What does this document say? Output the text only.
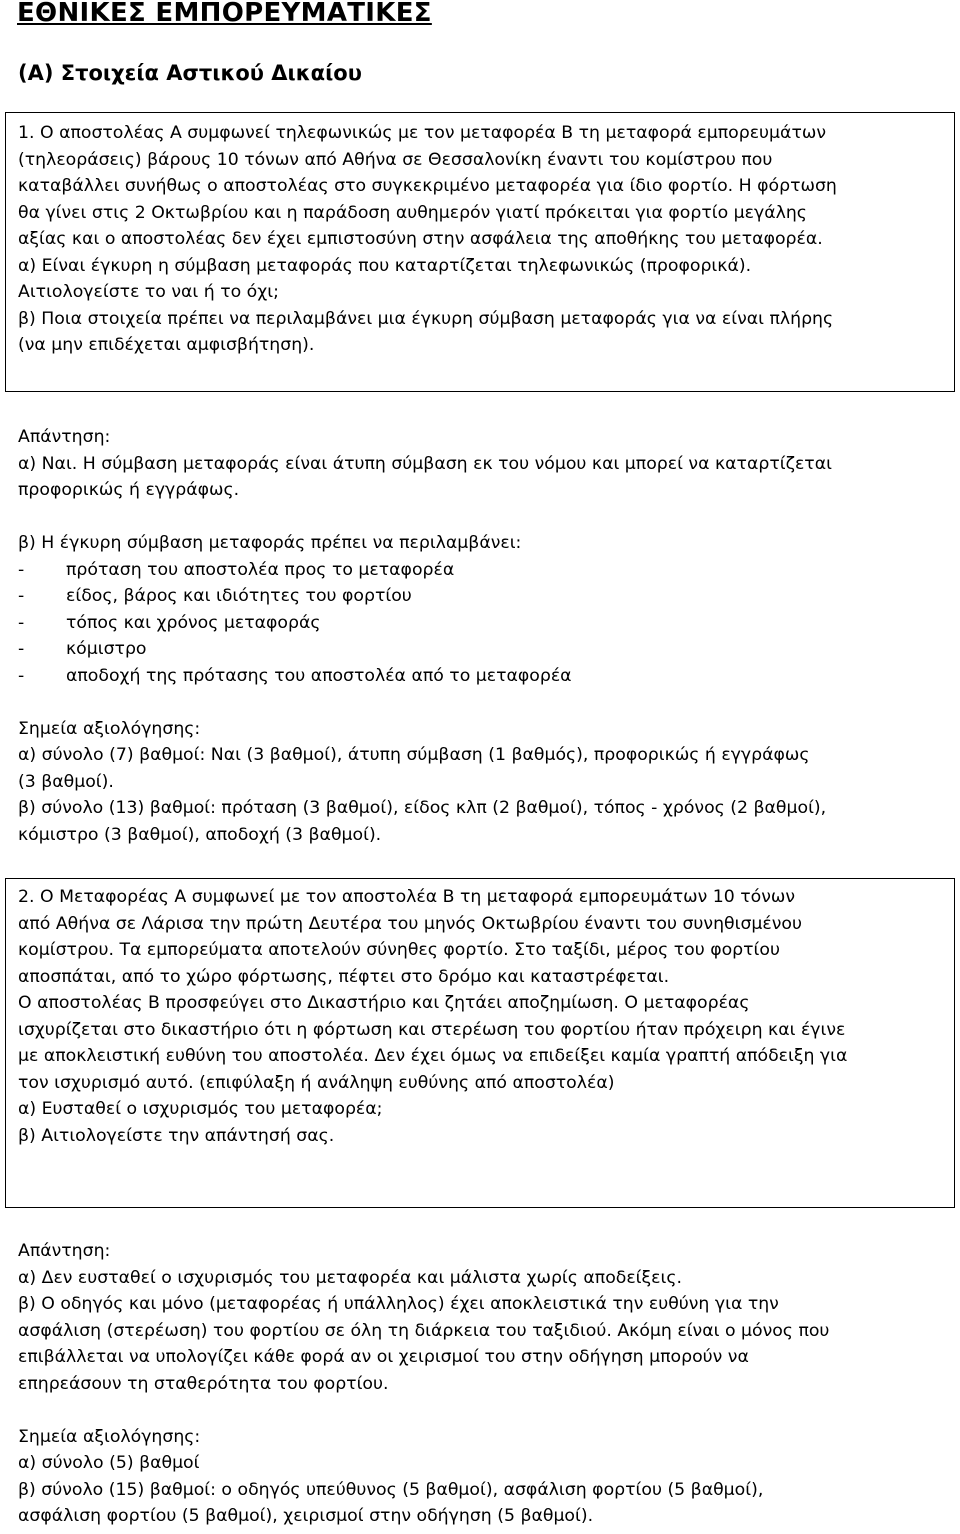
ΕΘΝΙΚΕΣ ΕΜΠΟΡΕΥΜΑΤΙΚΕΣ
(Α) Στοιχεία Αστικού Δικαίου

1. Ο αποστολέας Α συμφωνεί τηλεφωνικώς με τον μεταφορέα Β τη μεταφορά εμπορευμάτων

(τηλεοράσεις) βάρους 10 τόνων από Αθήνα σε Θεσσαλονίκη έναντι του κομίστρου που

καταβάλλει συνήθως ο αποστολέας στο συγκεκριμένο μεταφορέα για ίδιο φορτίο. Η φόρτωση

θα γίνει στις 2 Οκτωβρίου και η παράδοση αυθημερόν γιατί πρόκειται για φορτίο μεγάλης

αξίας και ο αποστολέας δεν έχει εμπιστοσύνη στην ασφάλεια της αποθήκης του μεταφορέα.

α) Είναι έγκυρη η σύμβαση μεταφοράς που καταρτίζεται τηλεφωνικώς (προφορικά).

Αιτιολογείστε το ναι ή το όχι;

β) Ποια στοιχεία πρέπει να περιλαμβάνει μια έγκυρη σύμβαση μεταφοράς για να είναι πλήρης

(να μην επιδέχεται αμφισβήτηση).

Απάντηση:

α) Ναι. Η σύμβαση μεταφοράς είναι άτυπη σύμβαση εκ του νόμου και μπορεί να καταρτίζεται

προφορικώς ή εγγράφως.

β) Η έγκυρη σύμβαση μεταφοράς πρέπει να περιλαμβάνει:

-	πρόταση του αποστολέα προς το μεταφορέα
-	είδος, βάρος και ιδιότητες του φορτίου
-	τόπος και χρόνος μεταφοράς
-	κόμιστρο
-	αποδοχή της πρότασης του αποστολέα από το μεταφορέα

Σημεία αξιολόγησης:

α) σύνολο (7) βαθμοί: Ναι (3 βαθμοί), άτυπη σύμβαση (1 βαθμός), προφορικώς ή εγγράφως

(3 βαθμοί).

β) σύνολο (13) βαθμοί: πρόταση (3 βαθμοί), είδος κλπ (2 βαθμοί), τόπος - χρόνος (2 βαθμοί),

κόμιστρο (3 βαθμοί), αποδοχή (3 βαθμοί).

2. Ο Μεταφορέας Α συμφωνεί με τον αποστολέα Β τη μεταφορά εμπορευμάτων 10 τόνων

από Αθήνα σε Λάρισα την πρώτη Δευτέρα του μηνός Οκτωβρίου έναντι του συνηθισμένου

κομίστρου. Τα εμπορεύματα αποτελούν σύνηθες φορτίο. Στο ταξίδι, μέρος του φορτίου

αποσπάται, από το χώρο φόρτωσης, πέφτει στο δρόμο και καταστρέφεται.

Ο αποστολέας Β προσφεύγει στο Δικαστήριο και ζητάει αποζημίωση. Ο μεταφορέας

ισχυρίζεται στο δικαστήριο ότι η φόρτωση και στερέωση του φορτίου ήταν πρόχειρη και έγινε

με αποκλειστική ευθύνη του αποστολέα. Δεν έχει όμως να επιδείξει καμία γραπτή απόδειξη για

τον ισχυρισμό αυτό. (επιφύλαξη ή ανάληψη ευθύνης από αποστολέα)

α) Ευσταθεί ο ισχυρισμός του μεταφορέα;

β) Αιτιολογείστε την απάντησή σας.

Απάντηση:

α) Δεν ευσταθεί ο ισχυρισμός του μεταφορέα και μάλιστα χωρίς αποδείξεις.

β) Ο οδηγός και μόνο (μεταφορέας ή υπάλληλος) έχει αποκλειστικά την ευθύνη για την

ασφάλιση (στερέωση) του φορτίου σε όλη τη διάρκεια του ταξιδιού. Ακόμη είναι ο μόνος που

επιβάλλεται να υπολογίζει κάθε φορά αν οι χειρισμοί του στην οδήγηση μπορούν να

επηρεάσουν τη σταθερότητα του φορτίου.

Σημεία αξιολόγησης:

α) σύνολο (5) βαθμοί

β) σύνολο (15) βαθμοί: ο οδηγός υπεύθυνος (5 βαθμοί), ασφάλιση φορτίου (5 βαθμοί),

ασφάλιση φορτίου (5 βαθμοί), χειρισμοί στην οδήγηση (5 βαθμοί).
